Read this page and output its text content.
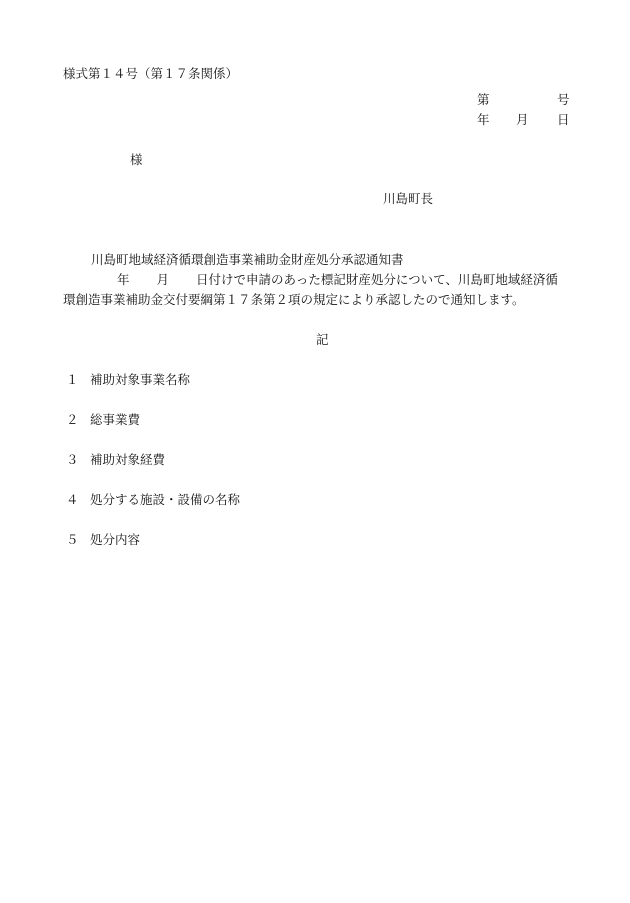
様式第１４号（第１７条関係）
第	号
年 月 日
様
川島町長
川島町地域経済循環創造事業補助金財産処分承認通知書
年 月 日付けで申請のあった標記財産処分について、川島町地域経済循
環創造事業補助金交付要綱第１７条第２項の規定により承認したので通知します。
記
１ 補助対象事業名称
２ 総事業費
３ 補助対象経費
４ 処分する施設・設備の名称
５ 処分内容
